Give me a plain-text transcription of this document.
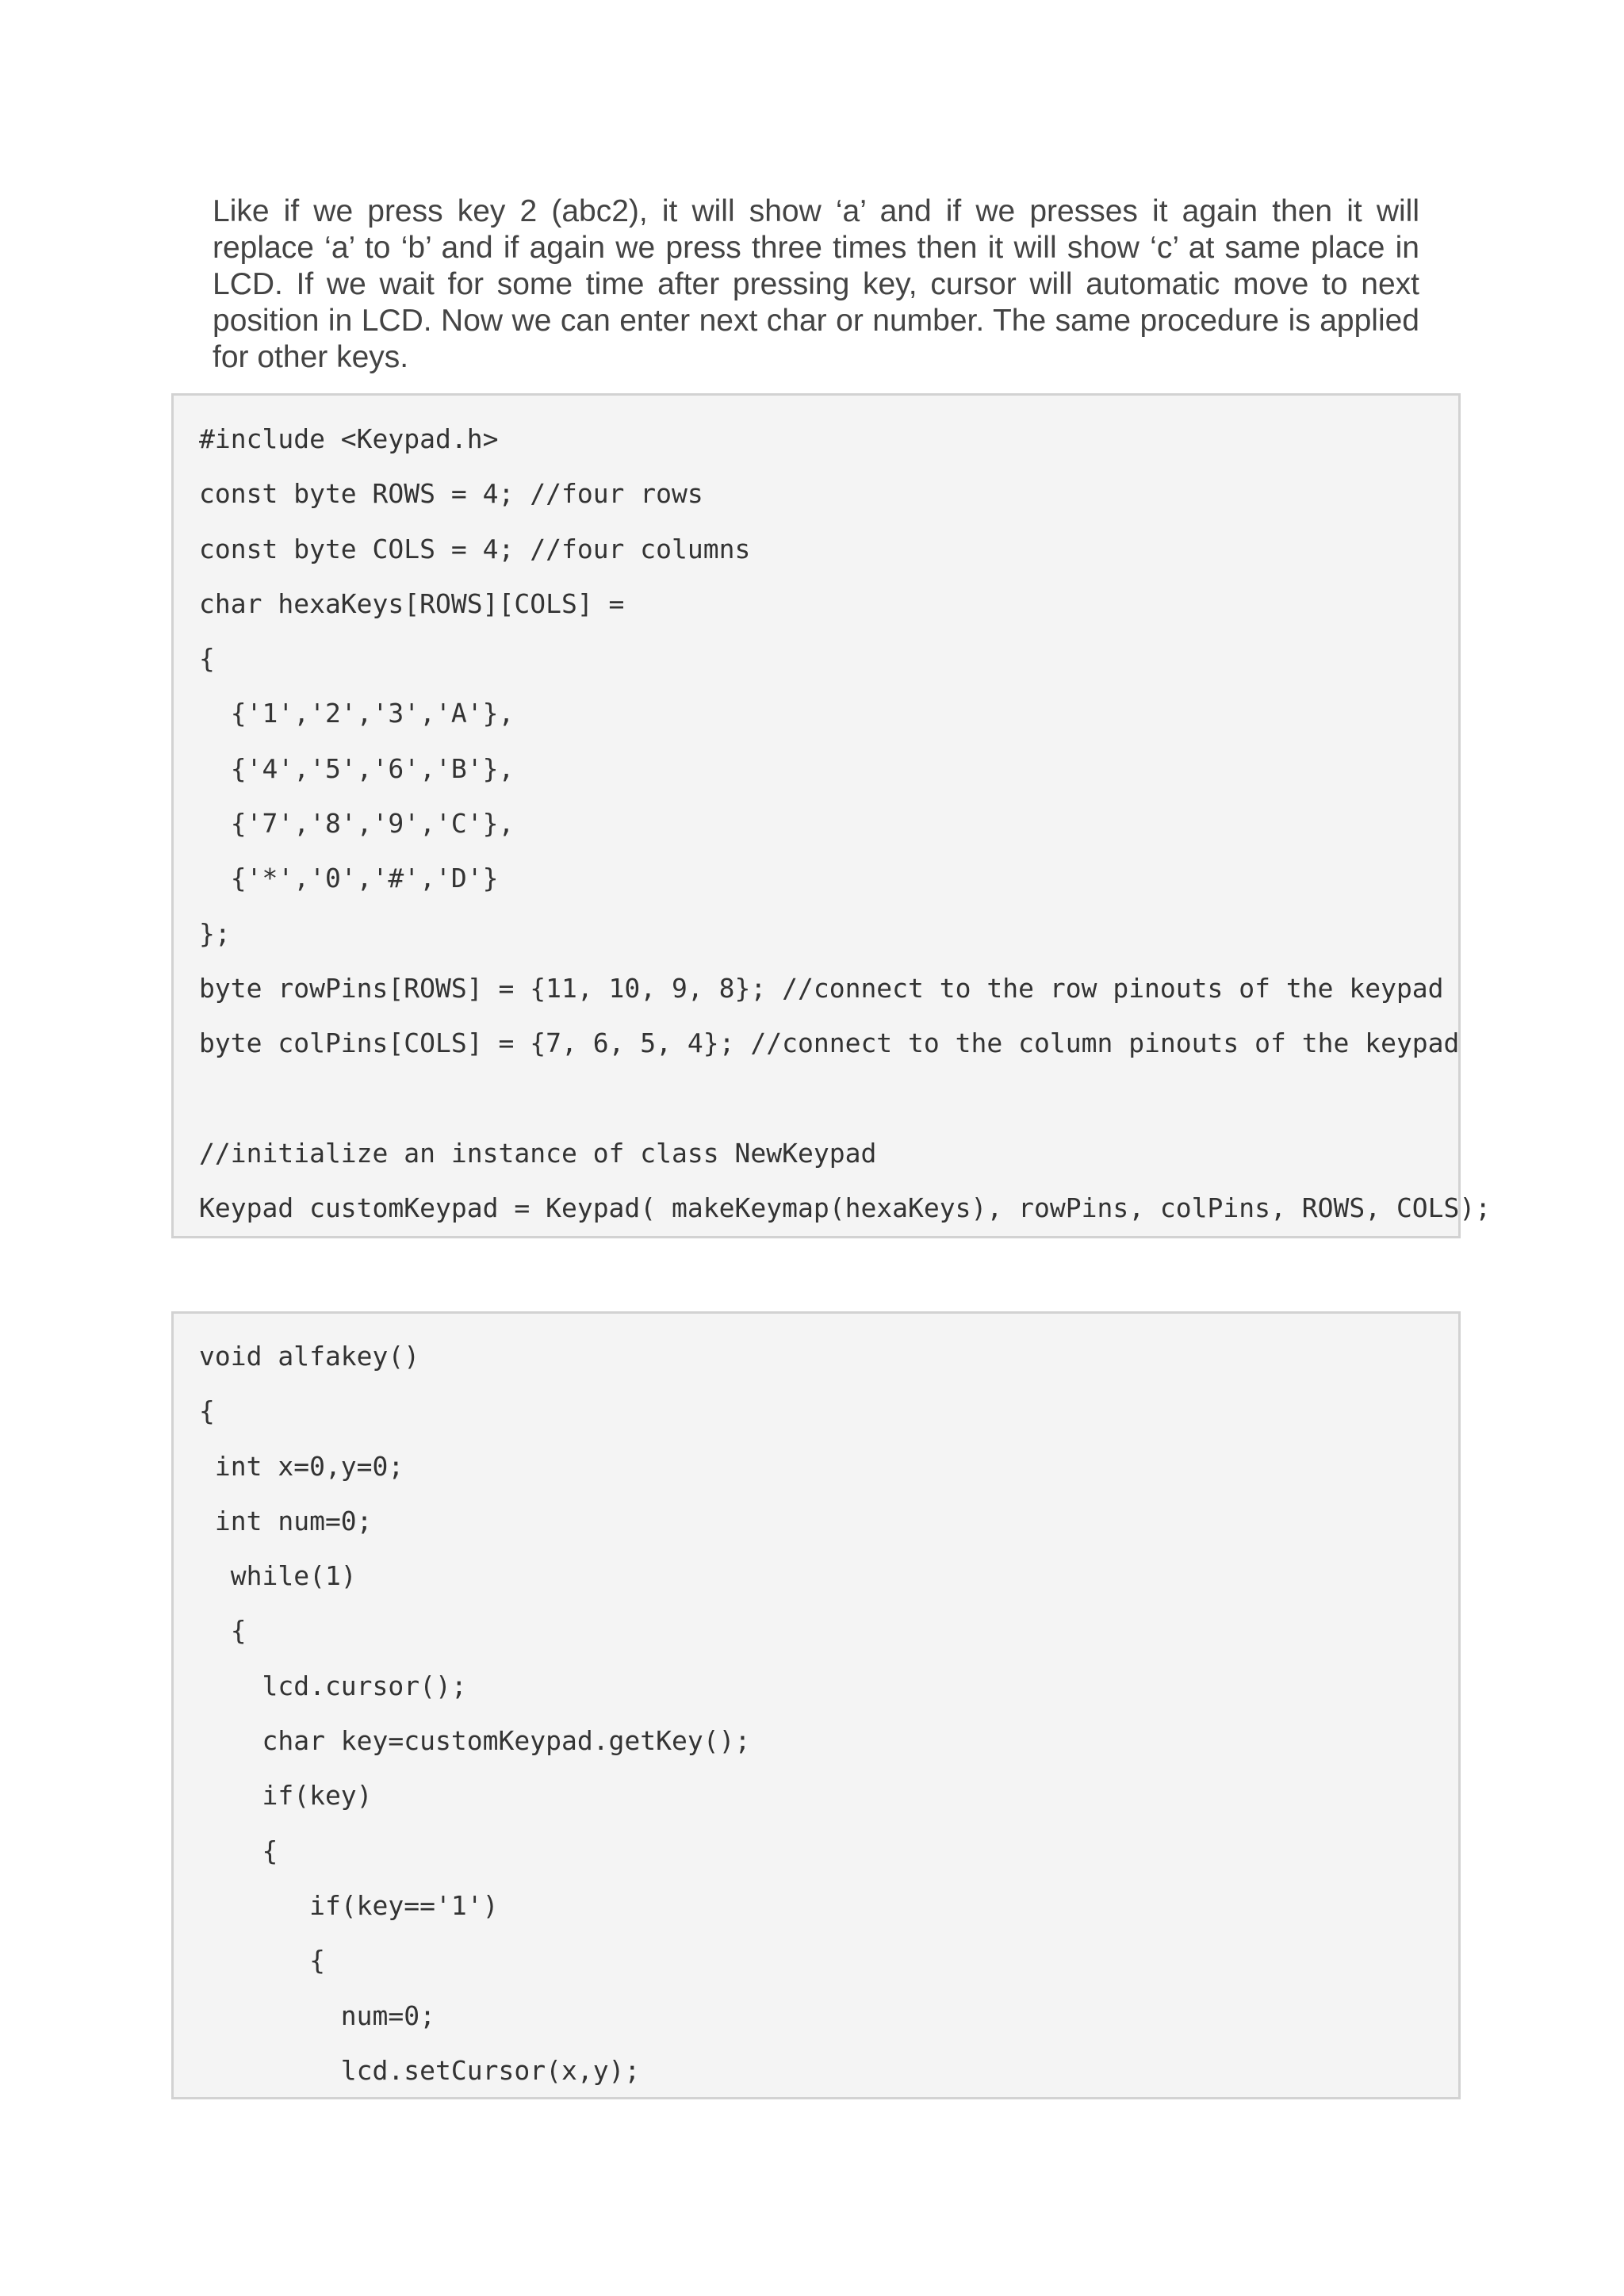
Like if we press key 2 (abc2), it will show ‘a’ and if we presses it again then it will replace ‘a’ to ‘b’ and if again we press three times then it will show ‘c’ at same place in LCD. If we wait for some time after pressing key, cursor will automatic move to next position in LCD. Now we can enter next char or number. The same procedure is applied for other keys.

#include <Keypad.h>
const byte ROWS = 4; //four rows
const byte COLS = 4; //four columns
char hexaKeys[ROWS][COLS] =
{
{'1','2','3','A'},
{'4','5','6','B'},
{'7','8','9','C'},
{'*','0','#','D'}
};
byte rowPins[ROWS] = {11, 10, 9, 8}; //connect to the row pinouts of the keypad
byte colPins[COLS] = {7, 6, 5, 4}; //connect to the column pinouts of the keypad
//initialize an instance of class NewKeypad
Keypad customKeypad = Keypad( makeKeymap(hexaKeys), rowPins, colPins, ROWS, COLS);
void alfakey()
{
int x=0,y=0;
int num=0;
while(1)
{
lcd.cursor();
char key=customKeypad.getKey();
if(key)
{
if(key=='1')
{
num=0;
lcd.setCursor(x,y);
